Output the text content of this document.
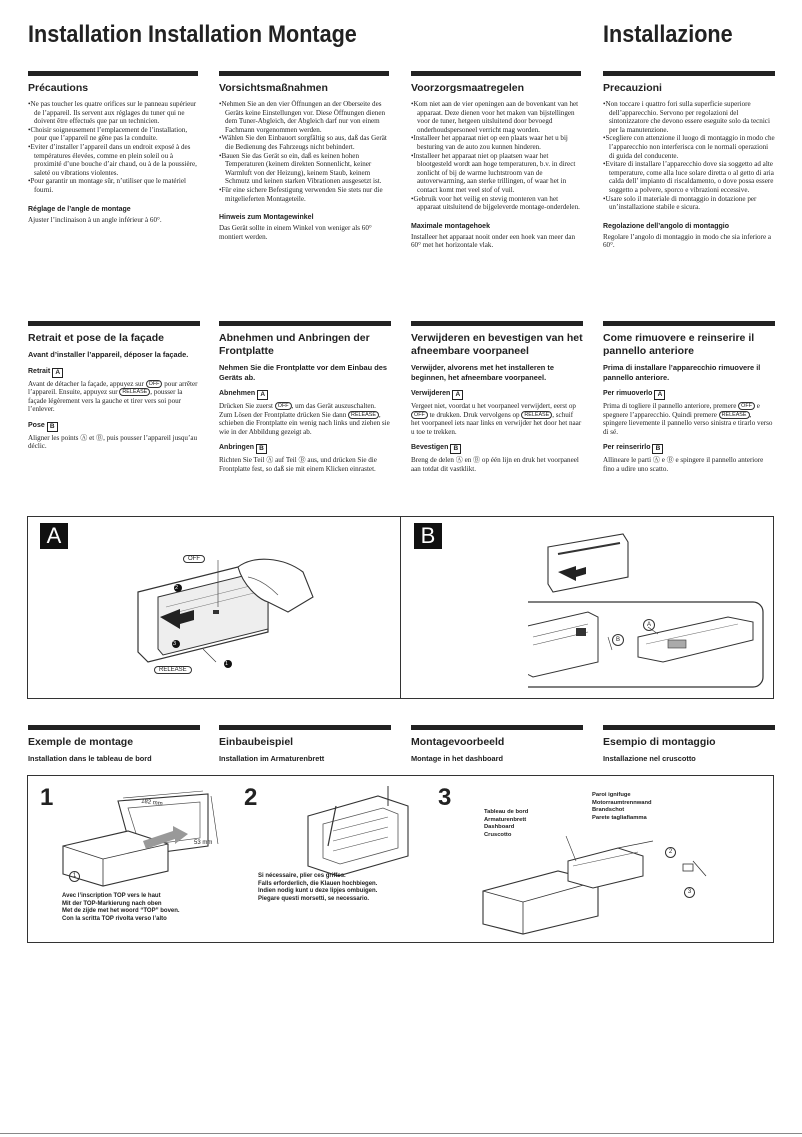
Installation Installation Montage	Installazione
Précautions
•Ne pas toucher les quatre orifices sur le panneau supérieur de l’appareil. Ils servent aux réglages du tuner qui ne doivent être effectués que par un technicien.
•Choisir soigneusement l’emplacement de l’installation, pour que l’appareil ne gêne pas la conduite.
•Eviter d’installer l’appareil dans un endroit exposé à des températures élevées, comme en plein soleil ou à proximité d’une bouche d’air chaud, ou à de la poussière, saleté ou vibrations violentes.
•Pour garantir un montage sûr, n’utiliser que le matériel fourni.
Réglage de l’angle de montage

Ajuster l’inclinaison à un angle inférieur à 60°.

Vorsichtsmaßnahmen
•Nehmen Sie an den vier Öffnungen an der Oberseite des Geräts keine Einstellungen vor. Diese Öffnungen dienen dem Tuner-Abgleich, der Abgleich darf nur von einem Fachmann vorgenommen werden.
•Wählen Sie den Einbauort sorgfältig so aus, daß das Gerät die Bedienung des Fahrzeugs nicht behindert.
•Bauen Sie das Gerät so ein, daß es keinen hohen Temperaturen (keinem direkten Sonnenlicht, keiner Warmluft von der Heizung), keinem Staub, keinem Schmutz und keinen starken Vibrationen ausgesetzt ist.
•Für eine sichere Befestigung verwenden Sie stets nur die mitgelieferten Montageteile.
Hinweis zum Montagewinkel

Das Gerät sollte in einem Winkel von weniger als 60° montiert werden.

Voorzorgsmaatregelen
•Kom niet aan de vier openingen aan de bovenkant van het apparaat. Deze dienen voor het maken van bijstellingen voor de tuner, hetgeen uitsluitend door bevoegd onderhoudspersoneel verricht mag worden.
•Installeer het apparaat niet op een plaats waar het u bij besturing van de auto zou kunnen hinderen.
•Installeer het apparaat niet op plaatsen waar het blootgesteld wordt aan hoge temperaturen, b.v. in direct zonlicht of bij de warme luchtstroom van de autoverwarming, aan sterke trillingen, of waar het in contact komt met veel stof of vuil.
•Gebruik voor het veilig en stevig monteren van het apparaat uitsluitend de bijgeleverde montage-onderdelen.
Maximale montagehoek

Installeer het apparaat nooit onder een hoek van meer dan 60° met het horizontale vlak.

Precauzioni
•Non toccare i quattro fori sulla superficie superiore dell’apparecchio. Servono per regolazioni del sintonizzatore che devono essere eseguite solo da tecnici per la manutenzione.
•Scegliere con attenzione il luogo di montaggio in modo che l’apparecchio non interferisca con le normali operazioni di guida del conducente.
•Evitare di installare l’apparecchio dove sia soggetto ad alte temperature, come alla luce solare diretta o al getto di aria calda dell’ impianto di riscaldamento, o dove possa essere soggetto a polvere, sporco e vibrazioni eccessive.
•Usare solo il materiale di montaggio in dotazione per un’installazione stabile e sicura.
Regolazione dell’angolo di montaggio

Regolare l’angolo di montaggio in modo che sia inferiore a 60°.

Retrait et pose de la façade
Avant d’installer l’appareil, déposer la façade.
Retrait A

Avant de détacher la façade, appuyez sur OFF pour arrêter l’appareil. Ensuite, appuyez sur RELEASE , pousser la façade légèrement vers la gauche et tirer vers soi pour l’enlever.

Pose B

Aligner les points Ⓐ et Ⓑ, puis pousser l’appareil jusqu’au déclic.

Abnehmen und Anbringen der Frontplatte
Nehmen Sie die Frontplatte vor dem Einbau des Geräts ab.
Abnehmen A

Drücken Sie zuerst OFF , um das Gerät auszuschalten. Zum Lösen der Frontplatte drücken Sie dann RELEASE , schieben die Frontplatte ein wenig nach links und ziehen sie wie in der Abbildung gezeigt ab.

Anbringen B

Richten Sie Teil Ⓐ auf Teil Ⓑ aus, und drücken Sie die Frontplatte fest, so daß sie mit einem Klicken einrastet.

Verwijderen en bevestigen van het afneembare voorpaneel
Verwijder, alvorens met het installeren te beginnen, het afneembare voorpaneel.
Verwijderen A

Vergeet niet, voordat u het voorpaneel verwijdert, eerst op OFF te drukken. Druk vervolgens op RELEASE , schuif het voorpaneel iets naar links en verwijder het door het naar u toe te trekken.

Bevestigen B

Breng de delen Ⓐ en Ⓑ op één lijn en druk het voorpaneel aan totdat dit vastklikt.

Come rimuovere e reinserire il pannello anteriore
Prima di installare l’apparecchio rimuovere il pannello anteriore.
Per rimuoverlo A

Prima di togliere il pannello anteriore, premere OFF e spegnere l’apparecchio. Quindi premere RELEASE , spingere lievemente il pannello verso sinistra e tirarlo verso di sé.

Per reinserirlo B

Allineare le parti Ⓐ e Ⓑ e spingere il pannello anteriore fino a udire uno scatto.

A	B
OFF
RELEASE
2
3
1
B
A
Exemple de montage
Installation dans le tableau de bord
Einbaubeispiel
Installation im Armaturenbrett
Montagevoorbeeld
Montage in het dashboard
Esempio di montaggio
Installazione nel cruscotto
1	2	3
182 mm
53 mm
1
Avec l’inscription TOP vers le haut
Mit der TOP-Markierung nach oben
Met de zijde met het woord “TOP” boven.
Con la scritta TOP rivolta verso l’alto
Si nécessaire, plier ces griffes.
Falls erforderlich, die Klauen hochbiegen.
Indien nodig kunt u deze lipjes ombuigen.
Piegare questi morsetti, se necessario.
Tableau de bord
Armaturenbrett
Dashboard
Cruscotto
Paroi ignifuge
Motorraumtrennwand
Brandschot
Parete tagliafiamma
2
3
